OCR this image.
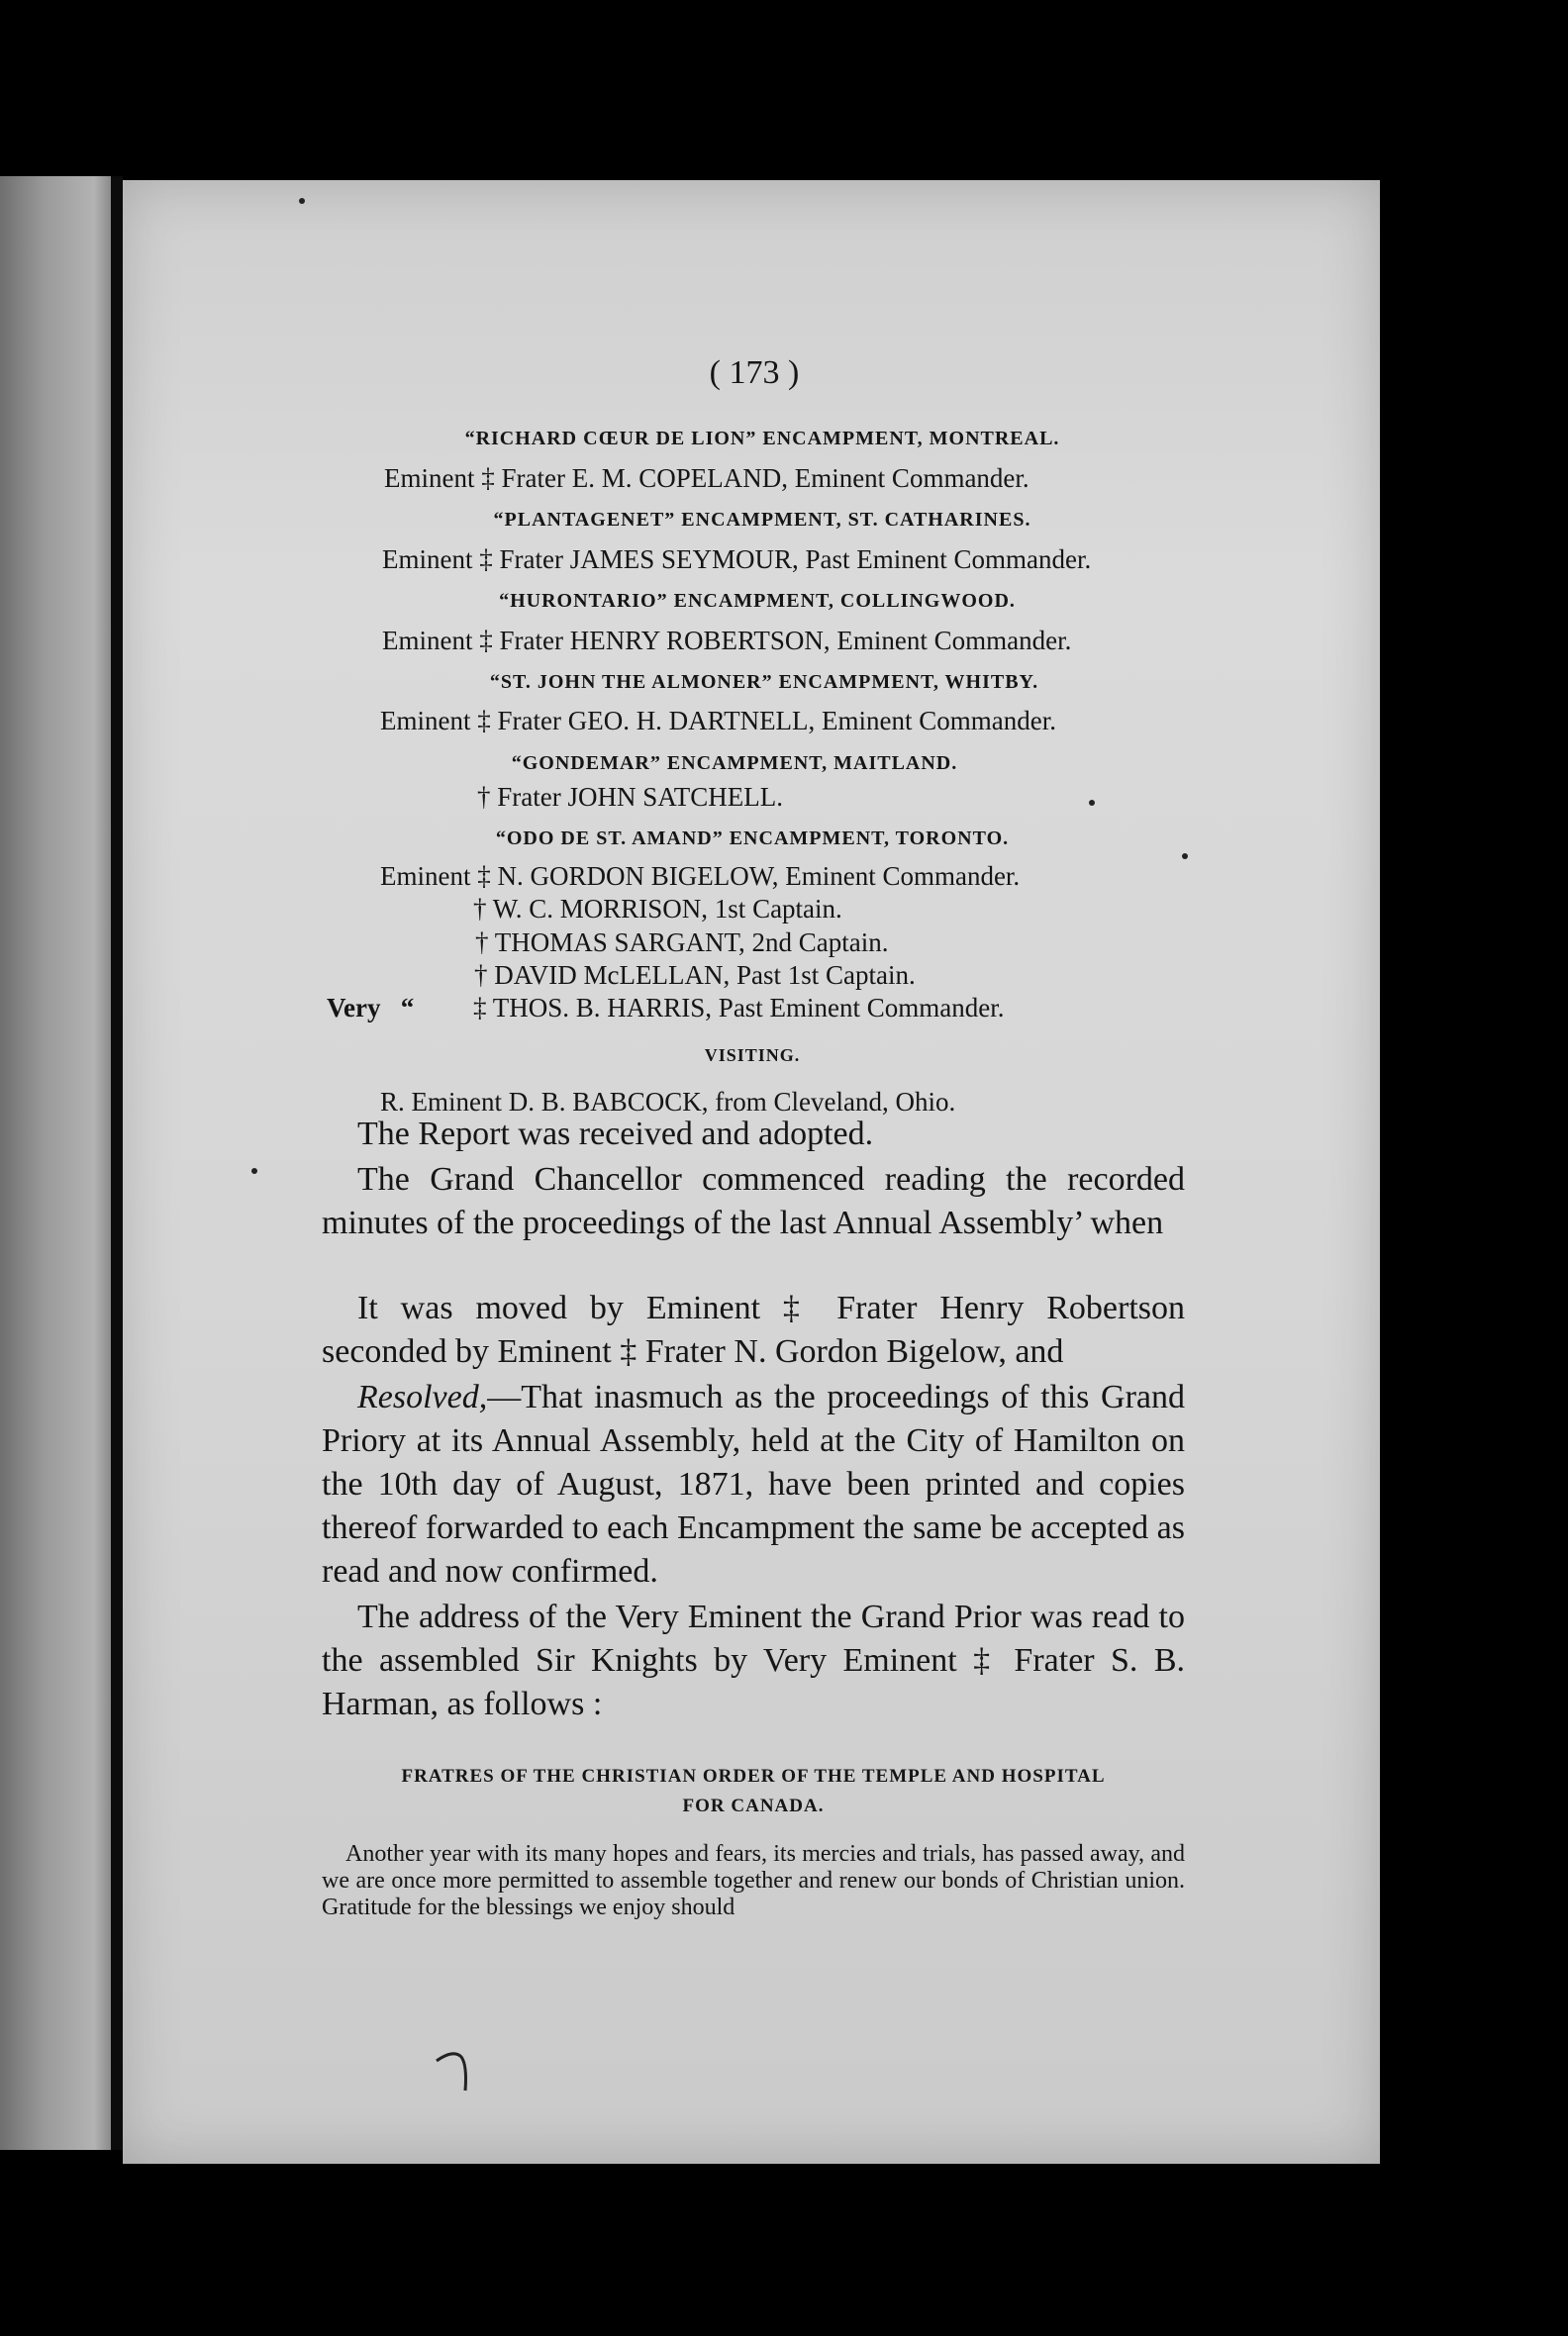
( 173 )
“RICHARD CŒUR DE LION” ENCAMPMENT, MONTREAL.
Eminent ‡ Frater E. M. COPELAND, Eminent Commander.
“PLANTAGENET” ENCAMPMENT, ST. CATHARINES.
Eminent ‡ Frater JAMES SEYMOUR, Past Eminent Commander.
“HURONTARIO” ENCAMPMENT, COLLINGWOOD.
Eminent ‡ Frater HENRY ROBERTSON, Eminent Commander.
“ST. JOHN THE ALMONER” ENCAMPMENT, WHITBY.
Eminent ‡ Frater GEO. H. DARTNELL, Eminent Commander.
“GONDEMAR” ENCAMPMENT, MAITLAND.
† Frater JOHN SATCHELL.
“ODO DE ST. AMAND” ENCAMPMENT, TORONTO.
Eminent ‡ N. GORDON BIGELOW, Eminent Commander.
† W. C. MORRISON, 1st Captain.
† THOMAS SARGANT, 2nd Captain.
† DAVID McLELLAN, Past 1st Captain.
Very   “ ‡ THOS. B. HARRIS, Past Eminent Commander.
VISITING.
R. Eminent D. B. BABCOCK, from Cleveland, Ohio.

The Report was received and adopted.

The Grand Chancellor commenced reading the recorded minutes of the proceedings of the last Annual Assembly’ when

It was moved by Eminent ‡ Frater Henry Robertson seconded by Eminent ‡ Frater N. Gordon Bigelow, and

Resolved,—That inasmuch as the proceedings of this Grand Priory at its Annual Assembly, held at the City of Hamilton on the 10th day of August, 1871, have been printed and copies thereof forwarded to each Encampment the same be accepted as read and now confirmed.

The address of the Very Eminent the Grand Prior was read to the assembled Sir Knights by Very Eminent ‡ Frater S. B. Harman, as follows :

FRATRES OF THE CHRISTIAN ORDER OF THE TEMPLE AND HOSPITAL
FOR CANADA.

Another year with its many hopes and fears, its mercies and trials, has passed away, and we are once more permitted to assemble together and renew our bonds of Christian union. Gratitude for the blessings we enjoy should
